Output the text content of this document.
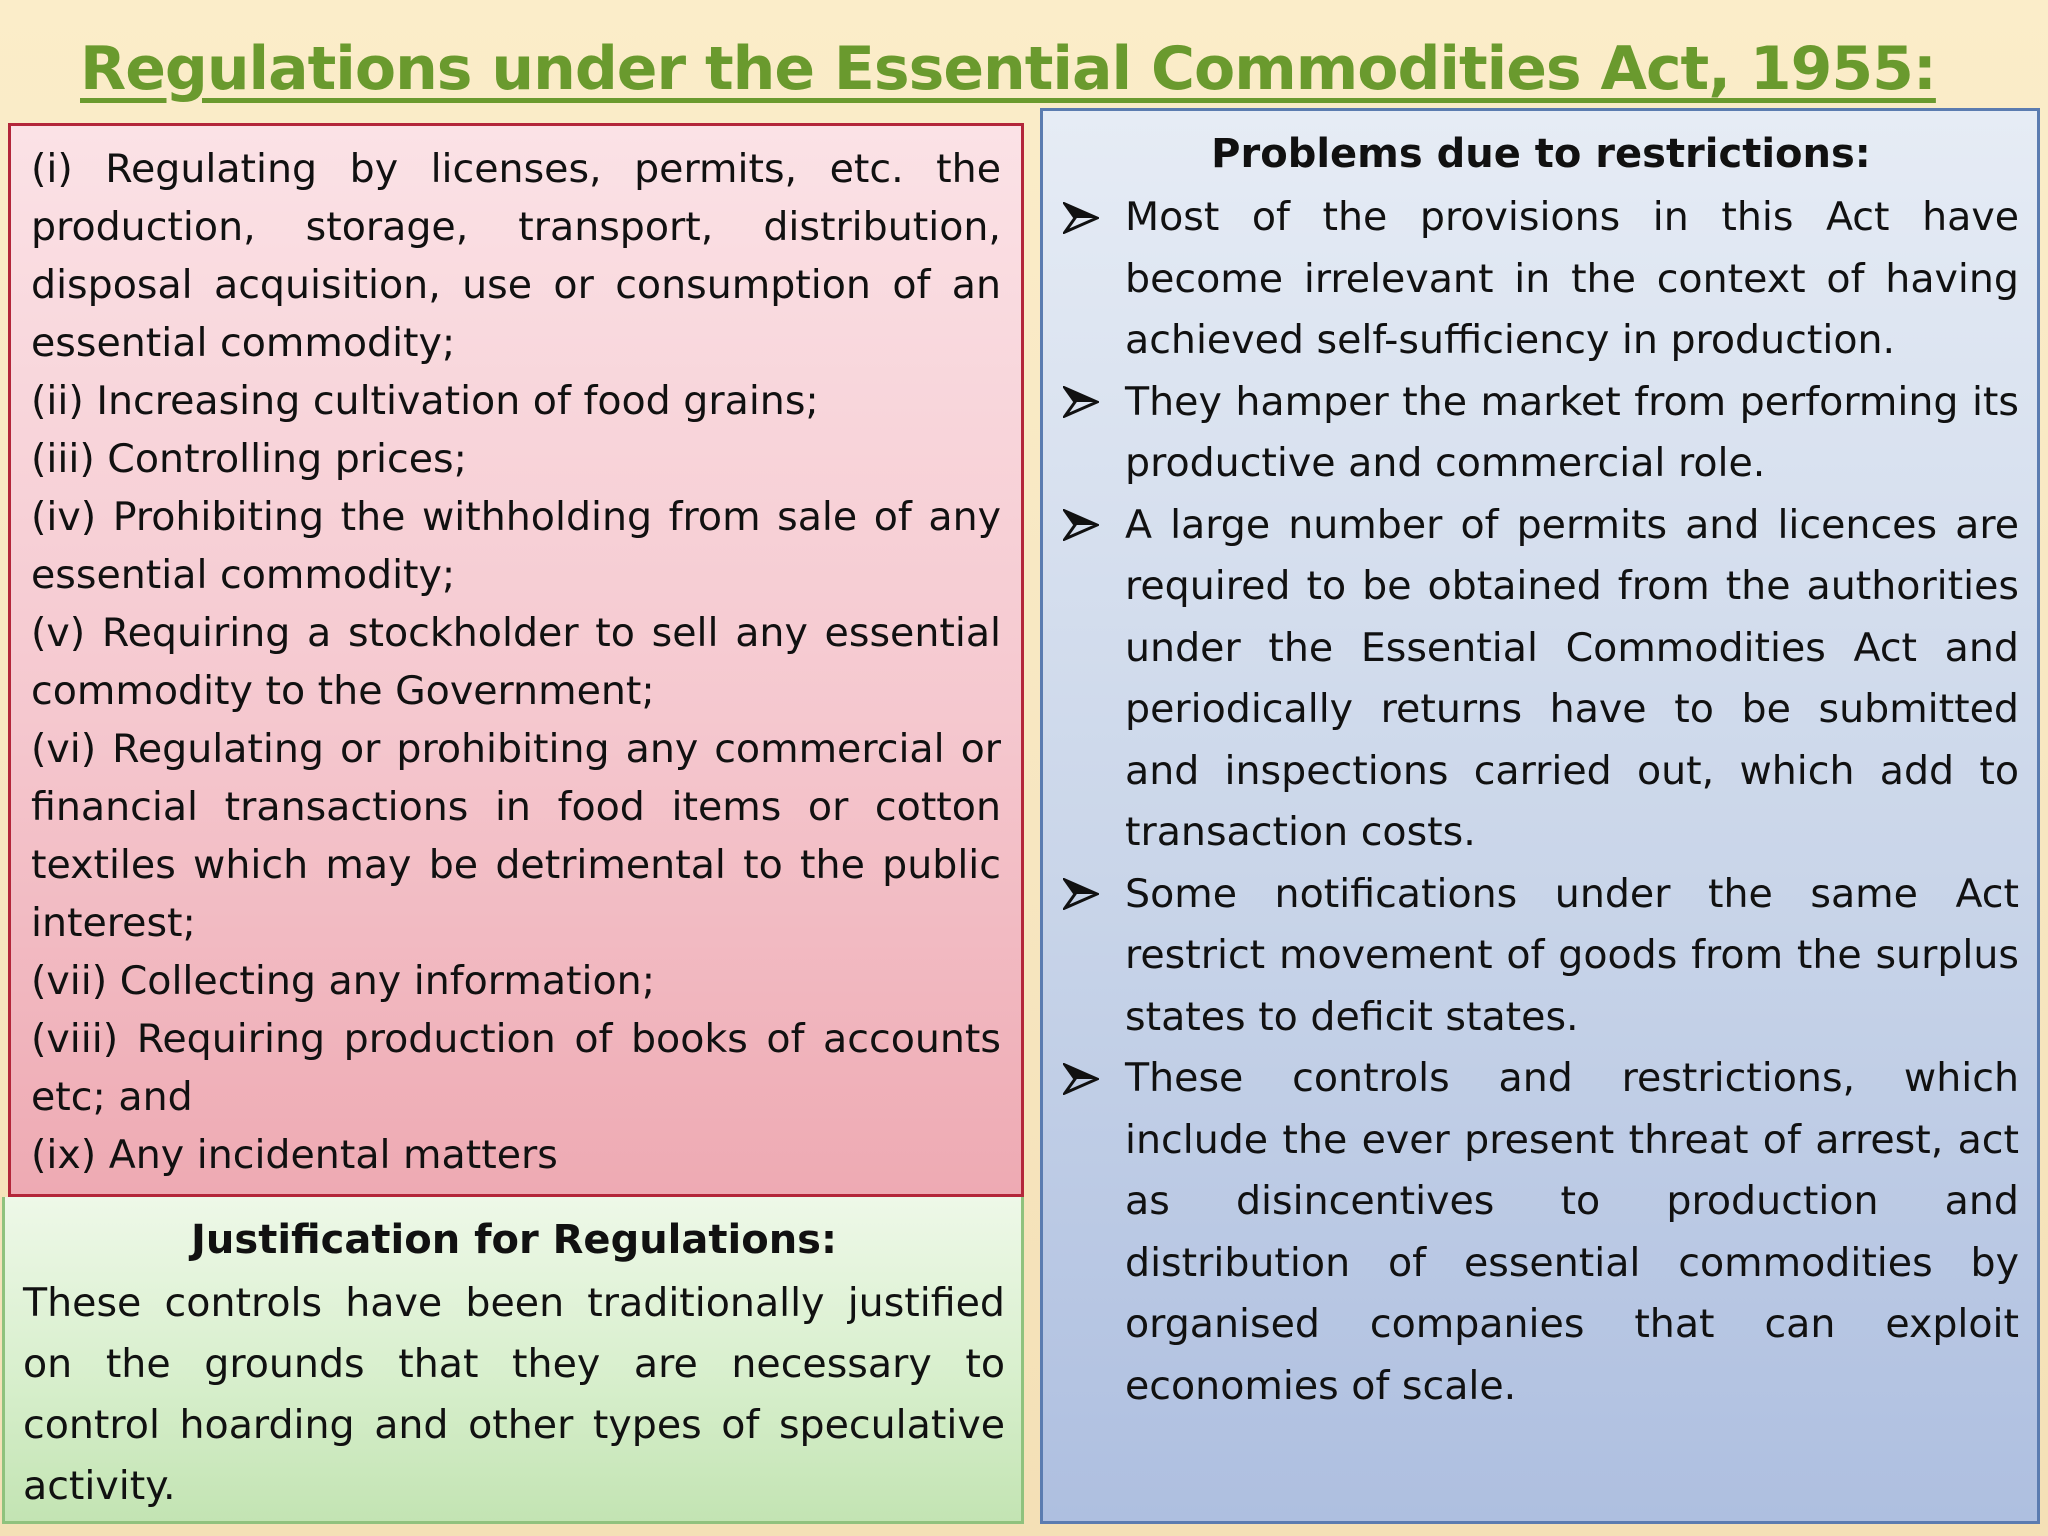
Regulations under the Essential Commodities Act, 1955:
(i) Regulating by licenses, permits, etc. the production, storage, transport, distribution, disposal acquisition, use or consumption of an essential commodity;
(ii) Increasing cultivation of food grains;
(iii) Controlling prices;
(iv) Prohibiting the withholding from sale of any essential commodity;
(v) Requiring a stockholder to sell any essential commodity to the Government;
(vi) Regulating or prohibiting any commercial or financial transactions in food items or cotton textiles which may be detrimental to the public interest;
(vii) Collecting any information;
(viii) Requiring production of books of accounts etc; and
(ix) Any incidental matters
Justification for Regulations:

These controls have been traditionally justified on the grounds that they are necessary to control hoarding and other types of speculative activity.

Problems due to restrictions:
Most of the provisions in this Act have become irrelevant in the context of having achieved self-sufficiency in production.
They hamper the market from performing its productive and commercial role.
A large number of permits and licences are required to be obtained from the authorities under the Essential Commodities Act and periodically returns have to be submitted and inspections carried out, which add to transaction costs.
Some notifications under the same Act restrict movement of goods from the surplus states to deficit states.
These controls and restrictions, which include the ever present threat of arrest, act as disincentives to production and distribution of essential commodities by organised companies that can exploit economies of scale.
